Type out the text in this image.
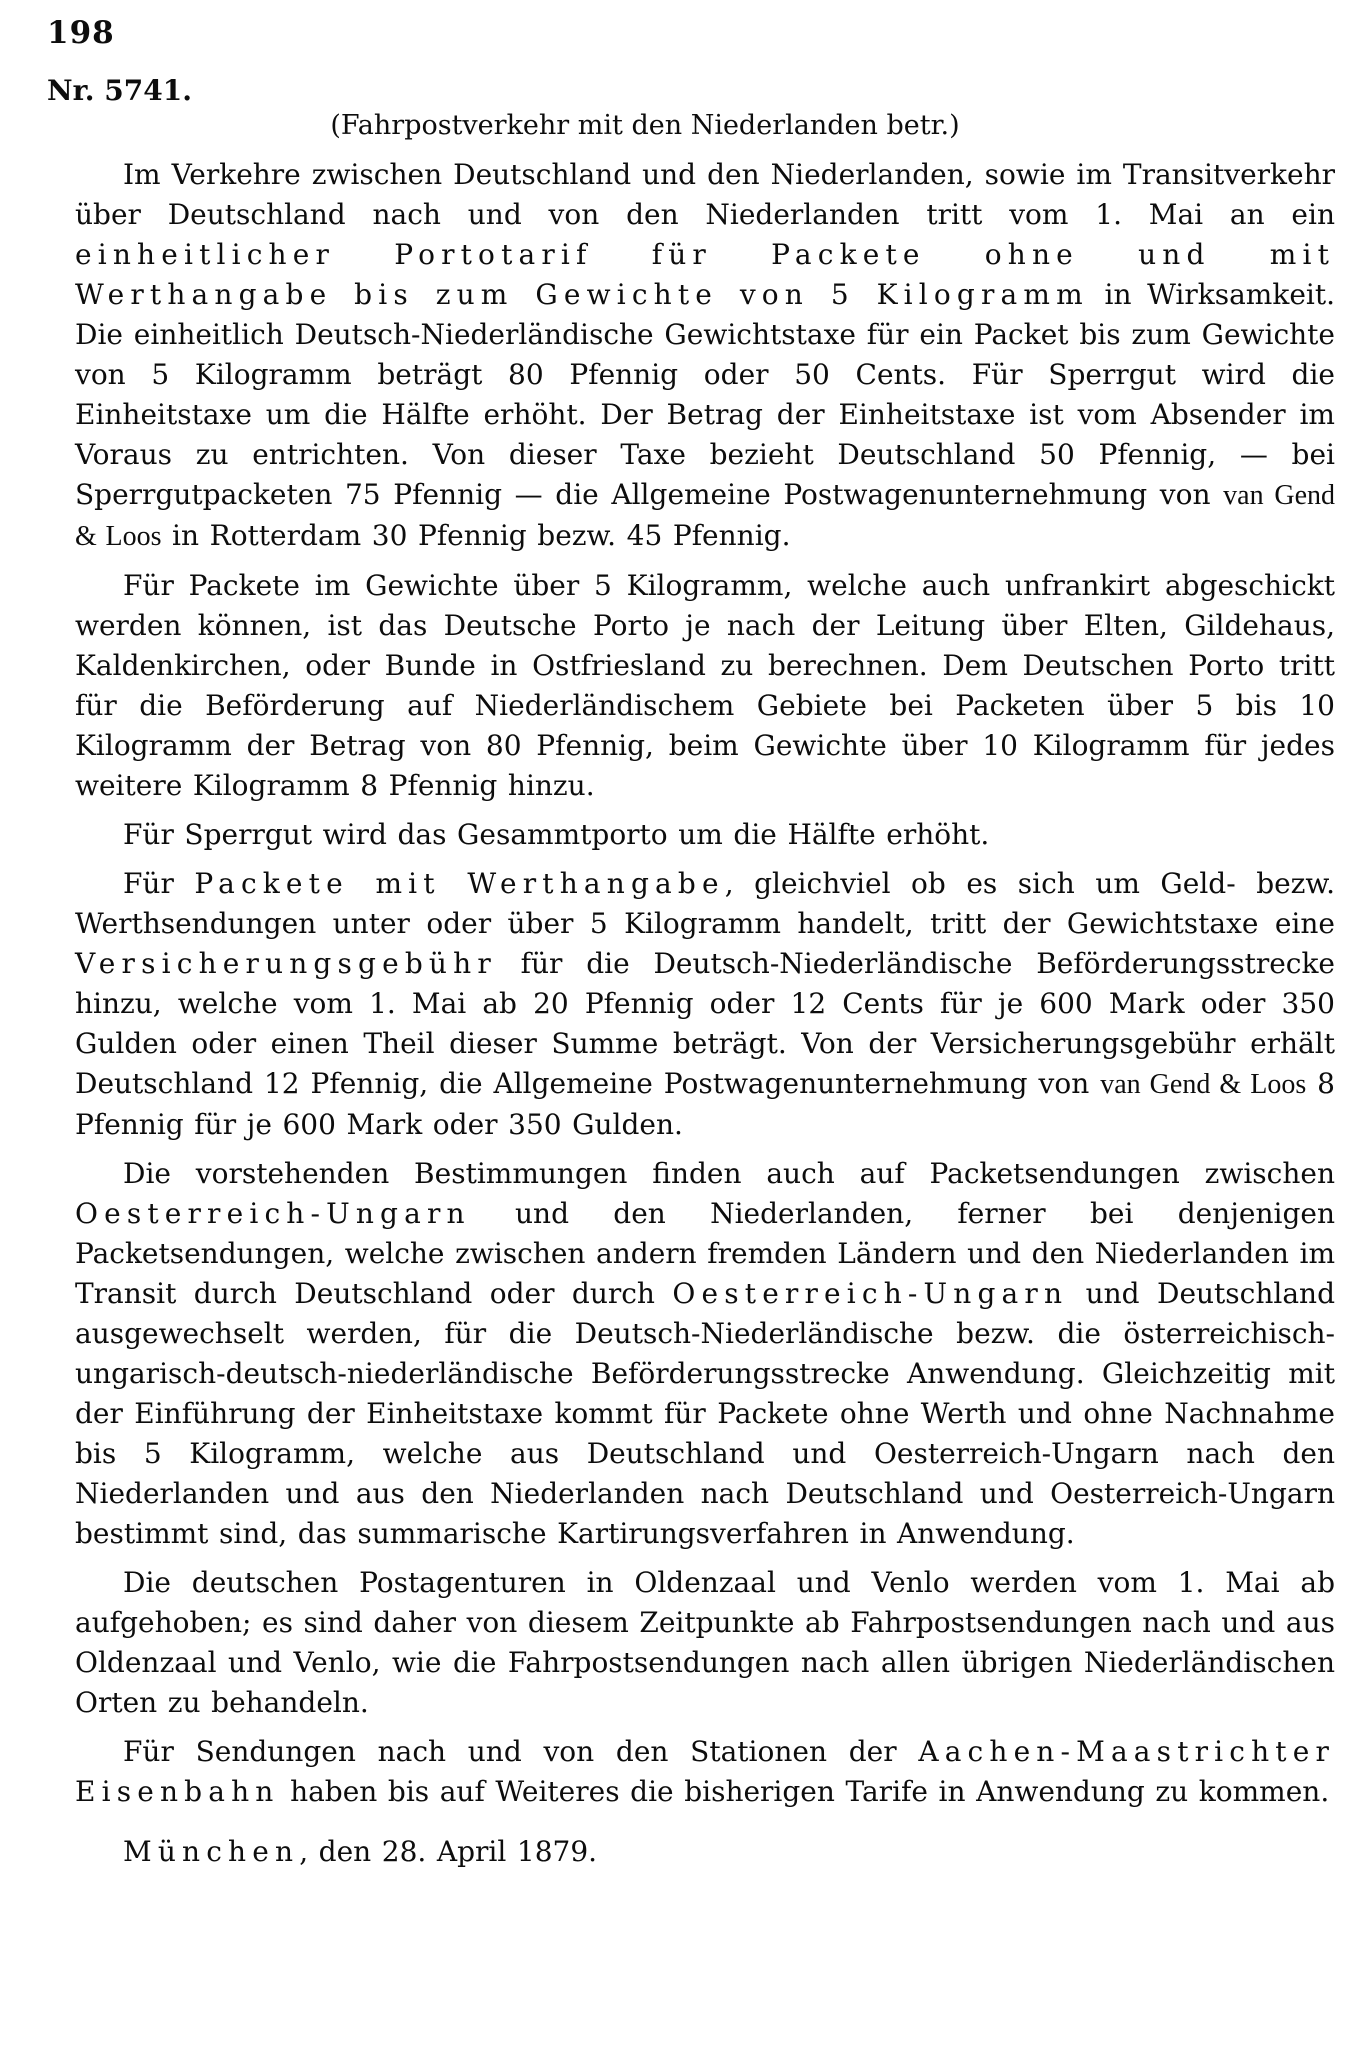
198
Nr. 5741.
(Fahrpostverkehr mit den Niederlanden betr.)

Im Verkehre zwischen Deutschland und den Niederlanden, sowie im Transitverkehr über Deutschland nach und von den Niederlanden tritt vom 1. Mai an ein einheitlicher Portotarif für Packete ohne und mit Werthangabe bis zum Gewichte von 5 Kilogramm in Wirksamkeit. Die einheitlich Deutsch-Niederländische Gewichtstaxe für ein Packet bis zum Gewichte von 5 Kilogramm beträgt 80 Pfennig oder 50 Cents. Für Sperrgut wird die Einheitstaxe um die Hälfte erhöht. Der Betrag der Einheitstaxe ist vom Absender im Voraus zu entrichten. Von dieser Taxe bezieht Deutschland 50 Pfennig, — bei Sperrgutpacketen 75 Pfennig — die Allgemeine Postwagenunternehmung von van Gend & Loos in Rotterdam 30 Pfennig bezw. 45 Pfennig.

Für Packete im Gewichte über 5 Kilogramm, welche auch unfrankirt abgeschickt werden können, ist das Deutsche Porto je nach der Leitung über Elten, Gildehaus, Kaldenkirchen, oder Bunde in Ostfriesland zu berechnen. Dem Deutschen Porto tritt für die Beförderung auf Niederländischem Gebiete bei Packeten über 5 bis 10 Kilogramm der Betrag von 80 Pfennig, beim Gewichte über 10 Kilogramm für jedes weitere Kilogramm 8 Pfennig hinzu.

Für Sperrgut wird das Gesammtporto um die Hälfte erhöht.

Für Packete mit Werthangabe, gleichviel ob es sich um Geld- bezw. Werthsendungen unter oder über 5 Kilogramm handelt, tritt der Gewichtstaxe eine Versicherungsgebühr für die Deutsch-Niederländische Beförderungsstrecke hinzu, welche vom 1. Mai ab 20 Pfennig oder 12 Cents für je 600 Mark oder 350 Gulden oder einen Theil dieser Summe beträgt. Von der Versicherungsgebühr erhält Deutschland 12 Pfennig, die Allgemeine Postwagenunternehmung von van Gend & Loos 8 Pfennig für je 600 Mark oder 350 Gulden.

Die vorstehenden Bestimmungen finden auch auf Packetsendungen zwischen Oesterreich-Ungarn und den Niederlanden, ferner bei denjenigen Packetsendungen, welche zwischen andern fremden Ländern und den Niederlanden im Transit durch Deutschland oder durch Oesterreich-Ungarn und Deutschland ausgewechselt werden, für die Deutsch-Niederländische bezw. die österreichisch-ungarisch-deutsch-niederländische Beförderungsstrecke Anwendung. Gleichzeitig mit der Einführung der Einheitstaxe kommt für Packete ohne Werth und ohne Nachnahme bis 5 Kilogramm, welche aus Deutschland und Oesterreich-Ungarn nach den Niederlanden und aus den Niederlanden nach Deutschland und Oesterreich-Ungarn bestimmt sind, das summarische Kartirungsverfahren in Anwendung.

Die deutschen Postagenturen in Oldenzaal und Venlo werden vom 1. Mai ab aufgehoben; es sind daher von diesem Zeitpunkte ab Fahrpostsendungen nach und aus Oldenzaal und Venlo, wie die Fahrpostsendungen nach allen übrigen Niederländischen Orten zu behandeln.

Für Sendungen nach und von den Stationen der Aachen-Maastrichter Eisenbahn haben bis auf Weiteres die bisherigen Tarife in Anwendung zu kommen.

München, den 28. April 1879.
